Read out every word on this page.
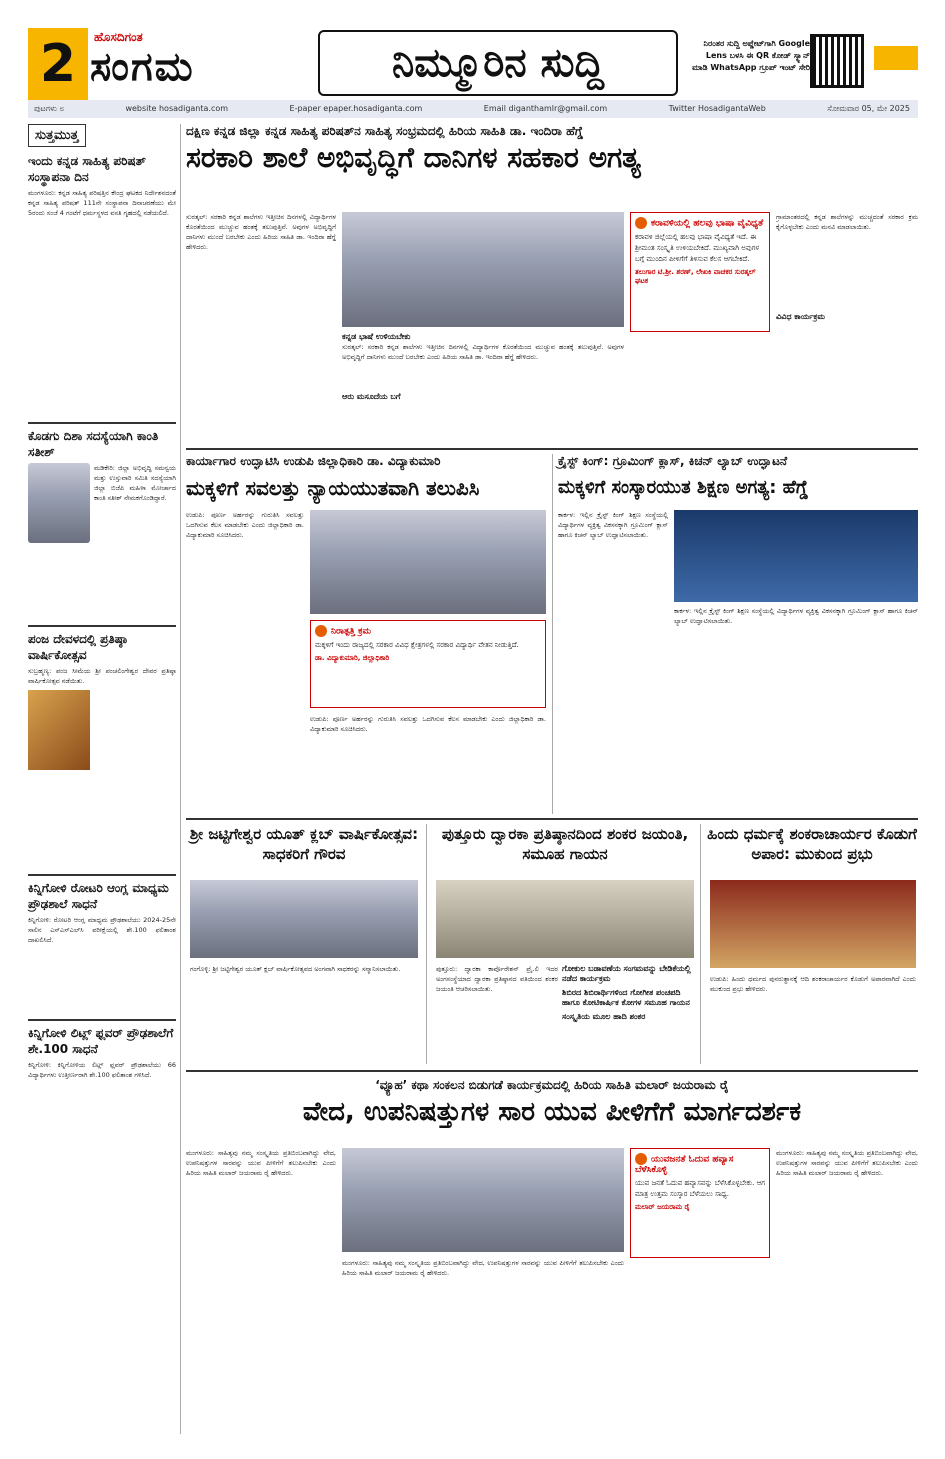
2	ಹೊಸದಿಗಂತ
ಸಂಗಮ	ನಿಮ್ಮೂರಿನ ಸುದ್ದಿ	ನಿರಂತರ ಸುದ್ದಿ ಅಪ್ಡೇಟ್‌ಗಾಗಿ Google Lens ಬಳಸಿ ಈ QR ಕೋಡ್ ಸ್ಕ್ಯಾನ್ ಮಾಡಿ WhatsApp ಗ್ರೂಪ್ ಇಂಟ್ ಸೇರಿ
ಪುಟಗಳು ೮	website hosadiganta.com	E-paper epaper.hosadiganta.com	Email diganthamlr@gmail.com	Twitter HosadigantaWeb	ಸೋಮವಾರ 05, ಮೇ 2025
ಸುತ್ತಮುತ್ತ
ಇಂದು ಕನ್ನಡ ಸಾಹಿತ್ಯ ಪರಿಷತ್ ಸಂಸ್ಥಾಪನಾ ದಿನ
ಮಂಗಳೂರು: ಕನ್ನಡ ಸಾಹಿತ್ಯ ಪರಿಷತ್ತಿನ ಕೇಂದ್ರ ಘಟಕದ ನಿರ್ದೇಶನದಂತೆ ಕನ್ನಡ ಸಾಹಿತ್ಯ ಪರಿಷತ್ 111ನೇ ಸಂಸ್ಥಾಪನಾ ದಿನಾಚರಣೆಯು ಮೇ 5ರಂದು ಸಂಜೆ 4 ಗಂಟೆಗೆ ಧರ್ಮಸ್ಥಳದ ವಸತಿ ಗೃಹದಲ್ಲಿ ನಡೆಯಲಿದೆ.
ಕೊಡಗು ದಿಶಾ ಸದಸ್ಯೆಯಾಗಿ ಕಾಂತಿ ಸತೀಶ್
ಮಡಿಕೇರಿ: ಜಿಲ್ಲಾ ಅಭಿವೃದ್ಧಿ ಸಮನ್ವಯ ಮತ್ತು ಉಸ್ತುವಾರಿ ಸಮಿತಿ ಸದಸ್ಯೆಯಾಗಿ ಜಿಲ್ಲಾ ಬಿಜೆಪಿ ಮಹಿಳಾ ಮೋರ್ಚಾದ ಕಾಂತಿ ಸತೀಶ್ ನೇಮಕಗೊಂಡಿದ್ದಾರೆ.
ಪಂಜ ದೇವಳದಲ್ಲಿ ಪ್ರತಿಷ್ಠಾ ವಾರ್ಷಿಕೋತ್ಸವ
ಸುಬ್ರಹ್ಮಣ್ಯ: ಪಂಜ ಸೀಮೆಯ ಶ್ರೀ ಪಂಚಲಿಂಗೇಶ್ವರ ದೇವರ ಪ್ರತಿಷ್ಠಾ ವಾರ್ಷಿಕೋತ್ಸವ ನಡೆಯಿತು.
ಕಿನ್ನಿಗೋಳಿ ರೋಟರಿ ಆಂಗ್ಲ ಮಾಧ್ಯಮ ಪ್ರೌಢಶಾಲೆ ಸಾಧನೆ
ಕಿನ್ನಿಗೋಳಿ: ರೋಟರಿ ಆಂಗ್ಲ ಮಾಧ್ಯಮ ಪ್ರೌಢಶಾಲೆಯು 2024-25ನೇ ಸಾಲಿನ ಎಸ್ಎಸ್ಎಲ್‌ಸಿ ಪರೀಕ್ಷೆಯಲ್ಲಿ ಶೇ.100 ಫಲಿತಾಂಶ ದಾಖಲಿಸಿದೆ.
ಕಿನ್ನಿಗೋಳಿ ಲಿಟ್ಲ್ ಫ್ಲವರ್ ಪ್ರೌಢಶಾಲೆಗೆ ಶೇ.100 ಸಾಧನೆ
ಕಿನ್ನಿಗೋಳಿ: ಕಿನ್ನಿಗೋಳಿಯ ಲಿಟ್ಲ್ ಫ್ಲವರ್ ಪ್ರೌಢಶಾಲೆಯು 66 ವಿದ್ಯಾರ್ಥಿಗಳು ಉತ್ತೀರ್ಣರಾಗಿ ಶೇ.100 ಫಲಿತಾಂಶ ಗಳಿಸಿದೆ.
ದಕ್ಷಿಣ ಕನ್ನಡ ಜಿಲ್ಲಾ ಕನ್ನಡ ಸಾಹಿತ್ಯ ಪರಿಷತ್‌ನ ಸಾಹಿತ್ಯ ಸಂಭ್ರಮದಲ್ಲಿ ಹಿರಿಯ ಸಾಹಿತಿ ಡಾ. ಇಂದಿರಾ ಹೆಗ್ಡೆ
ಸರಕಾರಿ ಶಾಲೆ ಅಭಿವೃದ್ಧಿಗೆ ದಾನಿಗಳ ಸಹಕಾರ ಅಗತ್ಯ
ಸುರತ್ಕಲ್: ಸರಕಾರಿ ಕನ್ನಡ ಶಾಲೆಗಳು ಇತ್ತೀಚಿನ ದಿನಗಳಲ್ಲಿ ವಿದ್ಯಾರ್ಥಿಗಳ ಕೊರತೆಯಿಂದ ಮುಚ್ಚುವ ಹಂತಕ್ಕೆ ತಲುಪುತ್ತಿವೆ. ಅವುಗಳ ಅಭಿವೃದ್ಧಿಗೆ ದಾನಿಗಳು ಮುಂದೆ ಬರಬೇಕು ಎಂದು ಹಿರಿಯ ಸಾಹಿತಿ ಡಾ. ಇಂದಿರಾ ಹೆಗ್ಡೆ ಹೇಳಿದರು.
ಕನ್ನಡ ಭಾಷೆ ಉಳಿಯಬೇಕು
ಸುರತ್ಕಲ್: ಸರಕಾರಿ ಕನ್ನಡ ಶಾಲೆಗಳು ಇತ್ತೀಚಿನ ದಿನಗಳಲ್ಲಿ ವಿದ್ಯಾರ್ಥಿಗಳ ಕೊರತೆಯಿಂದ ಮುಚ್ಚುವ ಹಂತಕ್ಕೆ ತಲುಪುತ್ತಿವೆ. ಅವುಗಳ ಅಭಿವೃದ್ಧಿಗೆ ದಾನಿಗಳು ಮುಂದೆ ಬರಬೇಕು ಎಂದು ಹಿರಿಯ ಸಾಹಿತಿ ಡಾ. ಇಂದಿರಾ ಹೆಗ್ಡೆ ಹೇಳಿದರು.
ಆರು ಮಸೂದೆಯ ಬಗೆ
ಕರಾವಳಿಯಲ್ಲಿ ಹಲವು ಭಾಷಾ ವೈವಿಧ್ಯತೆ
ಕರಾವಳಿ ಜಿಲ್ಲೆಯಲ್ಲಿ ಹಲವು ಭಾಷಾ ವೈವಿಧ್ಯತೆ ಇದೆ. ಈ ಶ್ರೀಮಂತ ಸಂಸ್ಕೃತಿ ಉಳಿಯಬೇಕಿದೆ. ಮುಖ್ಯವಾಗಿ ಅವುಗಳ ಬಗ್ಗೆ ಮುಂದಿನ ಪೀಳಿಗೆಗೆ ತಿಳಿಸುವ ಕೆಲಸ ಆಗಬೇಕಿದೆ.
ತಲುಗಾರ ಟಿ.ಶ್ರೀ. ಶರಣ್, ಲೇಖಕಿ ವಾಚಕರ ಸುರತ್ಕಲ್ ಘಟಕ
ಗ್ರಾಮಾಂತರದಲ್ಲಿ ಕನ್ನಡ ಶಾಲೆಗಳನ್ನು ಮುಚ್ಚದಂತೆ ಸರಕಾರ ಕ್ರಮ ಕೈಗೊಳ್ಳಬೇಕು ಎಂದು ಮನವಿ ಮಾಡಲಾಯಿತು.
ವಿವಿಧ ಕಾರ್ಯಕ್ರಮ
ಕಾರ್ಯಾಗಾರ ಉದ್ಘಾಟಿಸಿ ಉಡುಪಿ ಜಿಲ್ಲಾಧಿಕಾರಿ ಡಾ. ವಿದ್ಯಾಕುಮಾರಿ
ಮಕ್ಕಳಿಗೆ ಸವಲತ್ತು ನ್ಯಾಯಯುತವಾಗಿ ತಲುಪಿಸಿ
ಉಡುಪಿ: ಪೂರ್ಣ ಅರ್ಹರನ್ನು ಗುರುತಿಸಿ ಸವಲತ್ತು ಒದಗಿಸುವ ಕೆಲಸ ಮಾಡಬೇಕು ಎಂದು ಜಿಲ್ಲಾಧಿಕಾರಿ ಡಾ. ವಿದ್ಯಾಕುಮಾರಿ ಸೂಚಿಸಿದರು.
ನಿರಾತ್ಪತ್ತಿ ಕ್ರಮ
ಮಕ್ಕಳಿಗೆ ಇಂದು ರಾಜ್ಯದಲ್ಲಿ ಸರಕಾರ ವಿವಿಧ ಕ್ಷೇತ್ರಗಳಲ್ಲಿ ಸರಕಾರ ವಿದ್ಯಾರ್ಥಿ ವೇತನ ನೀಡುತ್ತಿದೆ.
ಡಾ. ವಿದ್ಯಾಕುಮಾರಿ, ಜಿಲ್ಲಾಧಿಕಾರಿ
ಉಡುಪಿ: ಪೂರ್ಣ ಅರ್ಹರನ್ನು ಗುರುತಿಸಿ ಸವಲತ್ತು ಒದಗಿಸುವ ಕೆಲಸ ಮಾಡಬೇಕು ಎಂದು ಜಿಲ್ಲಾಧಿಕಾರಿ ಡಾ. ವಿದ್ಯಾಕುಮಾರಿ ಸೂಚಿಸಿದರು.
ಕ್ರೈಸ್ಟ್ ಕಿಂಗ್: ಗ್ರೂಮಿಂಗ್ ಕ್ಲಾಸ್, ಕಿಚನ್ ಲ್ಯಾಬ್ ಉದ್ಘಾಟನೆ
ಮಕ್ಕಳಿಗೆ ಸಂಸ್ಕಾರಯುತ ಶಿಕ್ಷಣ ಅಗತ್ಯ: ಹೆಗ್ಡೆ
ಕಾರ್ಕಳ: ಇಲ್ಲಿನ ಕ್ರೈಸ್ಟ್ ಕಿಂಗ್ ಶಿಕ್ಷಣ ಸಂಸ್ಥೆಯಲ್ಲಿ ವಿದ್ಯಾರ್ಥಿಗಳ ವ್ಯಕ್ತಿತ್ವ ವಿಕಸನಕ್ಕಾಗಿ ಗ್ರೂಮಿಂಗ್ ಕ್ಲಾಸ್ ಹಾಗೂ ಕಿಚನ್ ಲ್ಯಾಬ್ ಉದ್ಘಾಟಿಸಲಾಯಿತು.
ಕಾರ್ಕಳ: ಇಲ್ಲಿನ ಕ್ರೈಸ್ಟ್ ಕಿಂಗ್ ಶಿಕ್ಷಣ ಸಂಸ್ಥೆಯಲ್ಲಿ ವಿದ್ಯಾರ್ಥಿಗಳ ವ್ಯಕ್ತಿತ್ವ ವಿಕಸನಕ್ಕಾಗಿ ಗ್ರೂಮಿಂಗ್ ಕ್ಲಾಸ್ ಹಾಗೂ ಕಿಚನ್ ಲ್ಯಾಬ್ ಉದ್ಘಾಟಿಸಲಾಯಿತು.
ಶ್ರೀ ಜಟ್ಟಿಗೇಶ್ವರ ಯೂತ್ ಕ್ಲಬ್ ವಾರ್ಷಿಕೋತ್ಸವ: ಸಾಧಕರಿಗೆ ಗೌರವ
ಗಂಗೊಳ್ಳಿ: ಶ್ರೀ ಜಟ್ಟಿಗೇಶ್ವರ ಯೂತ್ ಕ್ಲಬ್ ವಾರ್ಷಿಕೋತ್ಸವದ ಅಂಗವಾಗಿ ಸಾಧಕರನ್ನು ಸನ್ಮಾನಿಸಲಾಯಿತು.
ಪುತ್ತೂರು ದ್ವಾರಕಾ ಪ್ರತಿಷ್ಠಾನದಿಂದ ಶಂಕರ ಜಯಂತಿ, ಸಮೂಹ ಗಾಯನ
ಪುತ್ತೂರು: ದ್ವಾರಕಾ ಕಾರ್ಪೊರೇಶನ್ ಪ್ರೈ.ಲಿ ಇದರ ಅಂಗಸಂಸ್ಥೆಯಾದ ದ್ವಾರಕಾ ಪ್ರತಿಷ್ಠಾನದ ವತಿಯಿಂದ ಶಂಕರ ಜಯಂತಿ ಆಚರಿಸಲಾಯಿತು.
ಗೋಕುಲ ಬಡಾವಣೆಯ ಸಂಗಮವನ್ನು ಬೇಡಿಕೆಯಲ್ಲಿ ನಡೆದ ಕಾರ್ಯಕ್ರಮ
ಶಿಬಿರದ ಶಿಬಿರಾರ್ಥಿಗಳಿಂದ ಗೋಗೀತ ಪಂಚಪದಿ ಹಾಗೂ ಕೋಟಿಕಾರ್ಷಿಕ ಕೋಗಳ ಸಮೂಹ ಗಾಯನ
ಸಂಸ್ಕೃತಿಯ ಮೂಲ ಹಾದಿ ಶಂಕರ
ಹಿಂದು ಧರ್ಮಕ್ಕೆ ಶಂಕರಾಚಾರ್ಯರ ಕೊಡುಗೆ ಅಪಾರ: ಮುಕುಂದ ಪ್ರಭು
ಉಡುಪಿ: ಹಿಂದು ಧರ್ಮದ ಪುನರುತ್ಥಾನಕ್ಕೆ ಆದಿ ಶಂಕರಾಚಾರ್ಯರ ಕೊಡುಗೆ ಅಪಾರವಾಗಿದೆ ಎಂದು ಮುಕುಂದ ಪ್ರಭು ಹೇಳಿದರು.
‘ವ್ಯೂಹ’ ಕಥಾ ಸಂಕಲನ ಬಿಡುಗಡೆ ಕಾರ್ಯಕ್ರಮದಲ್ಲಿ ಹಿರಿಯ ಸಾಹಿತಿ ಮಲಾರ್ ಜಯರಾಮ ರೈ
ವೇದ, ಉಪನಿಷತ್ತುಗಳ ಸಾರ ಯುವ ಪೀಳಿಗೆಗೆ ಮಾರ್ಗದರ್ಶಕ
ಮಂಗಳೂರು: ಸಾಹಿತ್ಯವು ನಮ್ಮ ಸಂಸ್ಕೃತಿಯ ಪ್ರತಿಬಿಂಬವಾಗಿದ್ದು ವೇದ, ಉಪನಿಷತ್ತುಗಳ ಸಾರವನ್ನು ಯುವ ಪೀಳಿಗೆಗೆ ತಲುಪಿಸಬೇಕು ಎಂದು ಹಿರಿಯ ಸಾಹಿತಿ ಮಲಾರ್ ಜಯರಾಮ ರೈ ಹೇಳಿದರು.
ಮಂಗಳೂರು: ಸಾಹಿತ್ಯವು ನಮ್ಮ ಸಂಸ್ಕೃತಿಯ ಪ್ರತಿಬಿಂಬವಾಗಿದ್ದು ವೇದ, ಉಪನಿಷತ್ತುಗಳ ಸಾರವನ್ನು ಯುವ ಪೀಳಿಗೆಗೆ ತಲುಪಿಸಬೇಕು ಎಂದು ಹಿರಿಯ ಸಾಹಿತಿ ಮಲಾರ್ ಜಯರಾಮ ರೈ ಹೇಳಿದರು.
ಯುವಜನತೆ ಓದುವ ಹವ್ಯಾಸ ಬೆಳೆಸಿಕೊಳ್ಳಿ
ಯುವ ಜನತೆ ಓದುವ ಹವ್ಯಾಸವನ್ನು ಬೆಳೆಸಿಕೊಳ್ಳಬೇಕು. ಆಗ ಮಾತ್ರ ಉತ್ತಮ ಸಂಸ್ಕಾರ ಬೆಳೆಯಲು ಸಾಧ್ಯ.
ಮಲಾರ್ ಜಯರಾಮ ರೈ
ಮಂಗಳೂರು: ಸಾಹಿತ್ಯವು ನಮ್ಮ ಸಂಸ್ಕೃತಿಯ ಪ್ರತಿಬಿಂಬವಾಗಿದ್ದು ವೇದ, ಉಪನಿಷತ್ತುಗಳ ಸಾರವನ್ನು ಯುವ ಪೀಳಿಗೆಗೆ ತಲುಪಿಸಬೇಕು ಎಂದು ಹಿರಿಯ ಸಾಹಿತಿ ಮಲಾರ್ ಜಯರಾಮ ರೈ ಹೇಳಿದರು.
